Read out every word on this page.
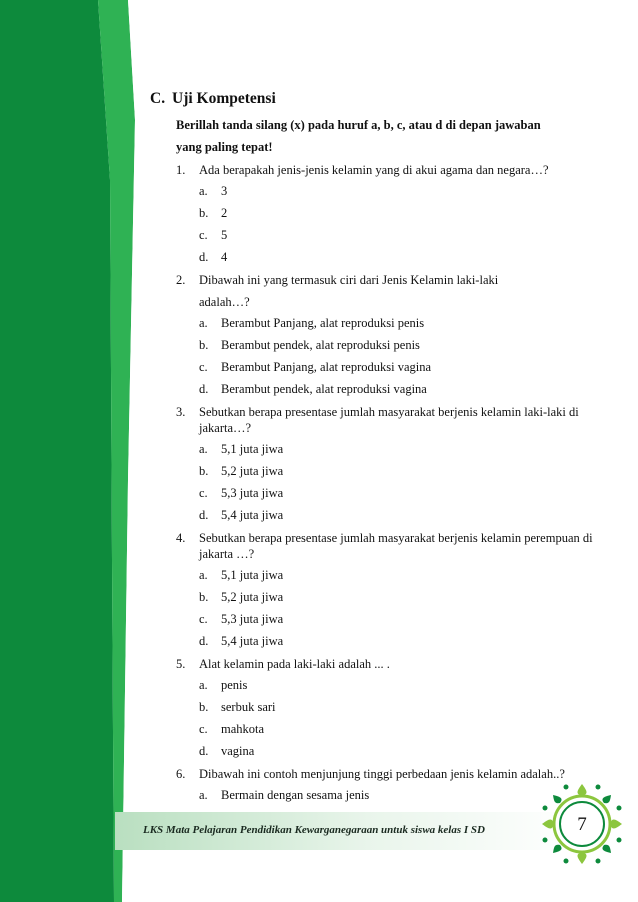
C. Uji Kompetensi
Berillah tanda silang (x) pada huruf a, b, c, atau d di depan jawaban
yang paling tepat!
1. Ada berapakah jenis-jenis kelamin yang di akui agama dan negara…?
a. 3
b. 2
c. 5
d. 4
2. Dibawah ini yang termasuk ciri dari Jenis Kelamin laki-laki
adalah…?
a. Berambut Panjang, alat reproduksi penis
b. Berambut pendek, alat reproduksi penis
c. Berambut Panjang, alat reproduksi vagina
d. Berambut pendek, alat reproduksi vagina
3. Sebutkan berapa presentase jumlah masyarakat berjenis kelamin laki-laki di
jakarta…?
a. 5,1 juta jiwa
b. 5,2 juta jiwa
c. 5,3 juta jiwa
d. 5,4 juta jiwa
4. Sebutkan berapa presentase jumlah masyarakat berjenis kelamin perempuan di
jakarta …?
a. 5,1 juta jiwa
b. 5,2 juta jiwa
c. 5,3 juta jiwa
d. 5,4 juta jiwa
5. Alat kelamin pada laki-laki adalah ... .
a. penis
b. serbuk sari
c. mahkota
d. vagina
6. Dibawah ini contoh menjunjung tinggi perbedaan jenis kelamin adalah..?
a. Bermain dengan sesama jenis
LKS Mata Pelajaran Pendidikan Kewarganegaraan untuk siswa kelas I SD	7
